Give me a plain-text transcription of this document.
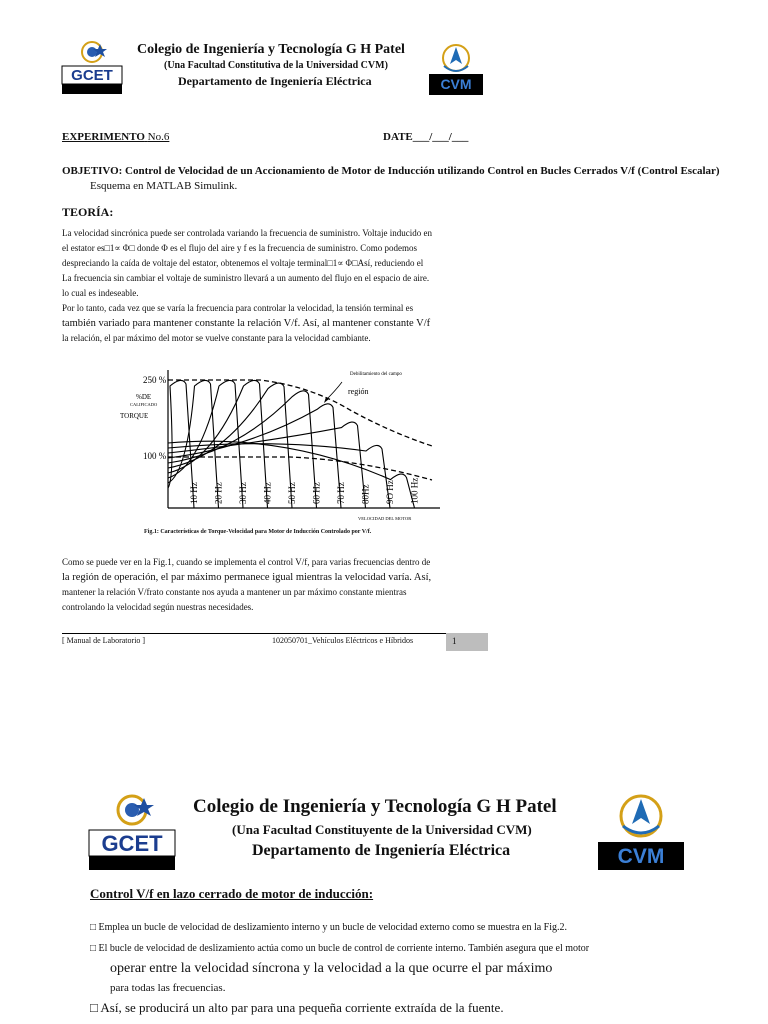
GCET
Colegio de Ingeniería y Tecnología G H Patel
(Una Facultad Constitutiva de la Universidad CVM)
Departamento de Ingeniería Eléctrica	CVM
EXPERIMENTO No.6	DATE___/___/___
OBJETIVO: Control de Velocidad de un Accionamiento de Motor de Inducción utilizando Control en Bucles Cerrados V/f (Control Escalar)
Esquema en MATLAB Simulink.
TEORÍA:
La velocidad sincrónica puede ser controlada variando la frecuencia de suministro. Voltaje inducido en
el estator es□1∝ Φ□ donde Φ es el flujo del aire y f es la frecuencia de suministro. Como podemos
despreciando la caída de voltaje del estator, obtenemos el voltaje terminal□1∝ Φ□Así, reduciendo el
La frecuencia sin cambiar el voltaje de suministro llevará a un aumento del flujo en el espacio de aire.
lo cual es indeseable.
Por lo tanto, cada vez que se varía la frecuencia para controlar la velocidad, la tensión terminal es
también variado para mantener constante la relación V/f. Así, al mantener constante V/f
la relación, el par máximo del motor se vuelve constante para la velocidad cambiante.
250 %
100 %
%DE
CALIFICADO
TORQUE
Debilitamiento del campo
región
10 Hz 20 Hz 30 Hz 40 Hz 50 Hz 60 Hz 70 Hz 80Hz 9O Hz 100 Hz
VELOCIDAD DEL MOTOR
Fig.1: Características de Torque-Velocidad para Motor de Inducción Controlado por V/f.
Como se puede ver en la Fig.1, cuando se implementa el control V/f, para varias frecuencias dentro de
la región de operación, el par máximo permanece igual mientras la velocidad varía. Así,
mantener la relación V/frato constante nos ayuda a mantener un par máximo constante mientras
controlando la velocidad según nuestras necesidades.
[ Manual de Laboratorio ]	102050701_Vehículos Eléctricos e Híbridos	1
GCET
Colegio de Ingeniería y Tecnología G H Patel
(Una Facultad Constituyente de la Universidad CVM)
Departamento de Ingeniería Eléctrica	CVM
Control V/f en lazo cerrado de motor de inducción:
□ Emplea un bucle de velocidad de deslizamiento interno y un bucle de velocidad externo como se muestra en la Fig.2.
□ El bucle de velocidad de deslizamiento actúa como un bucle de control de corriente interno. También asegura que el motor
operar entre la velocidad síncrona y la velocidad a la que ocurre el par máximo
para todas las frecuencias.
□ Así, se producirá un alto par para una pequeña corriente extraída de la fuente.
